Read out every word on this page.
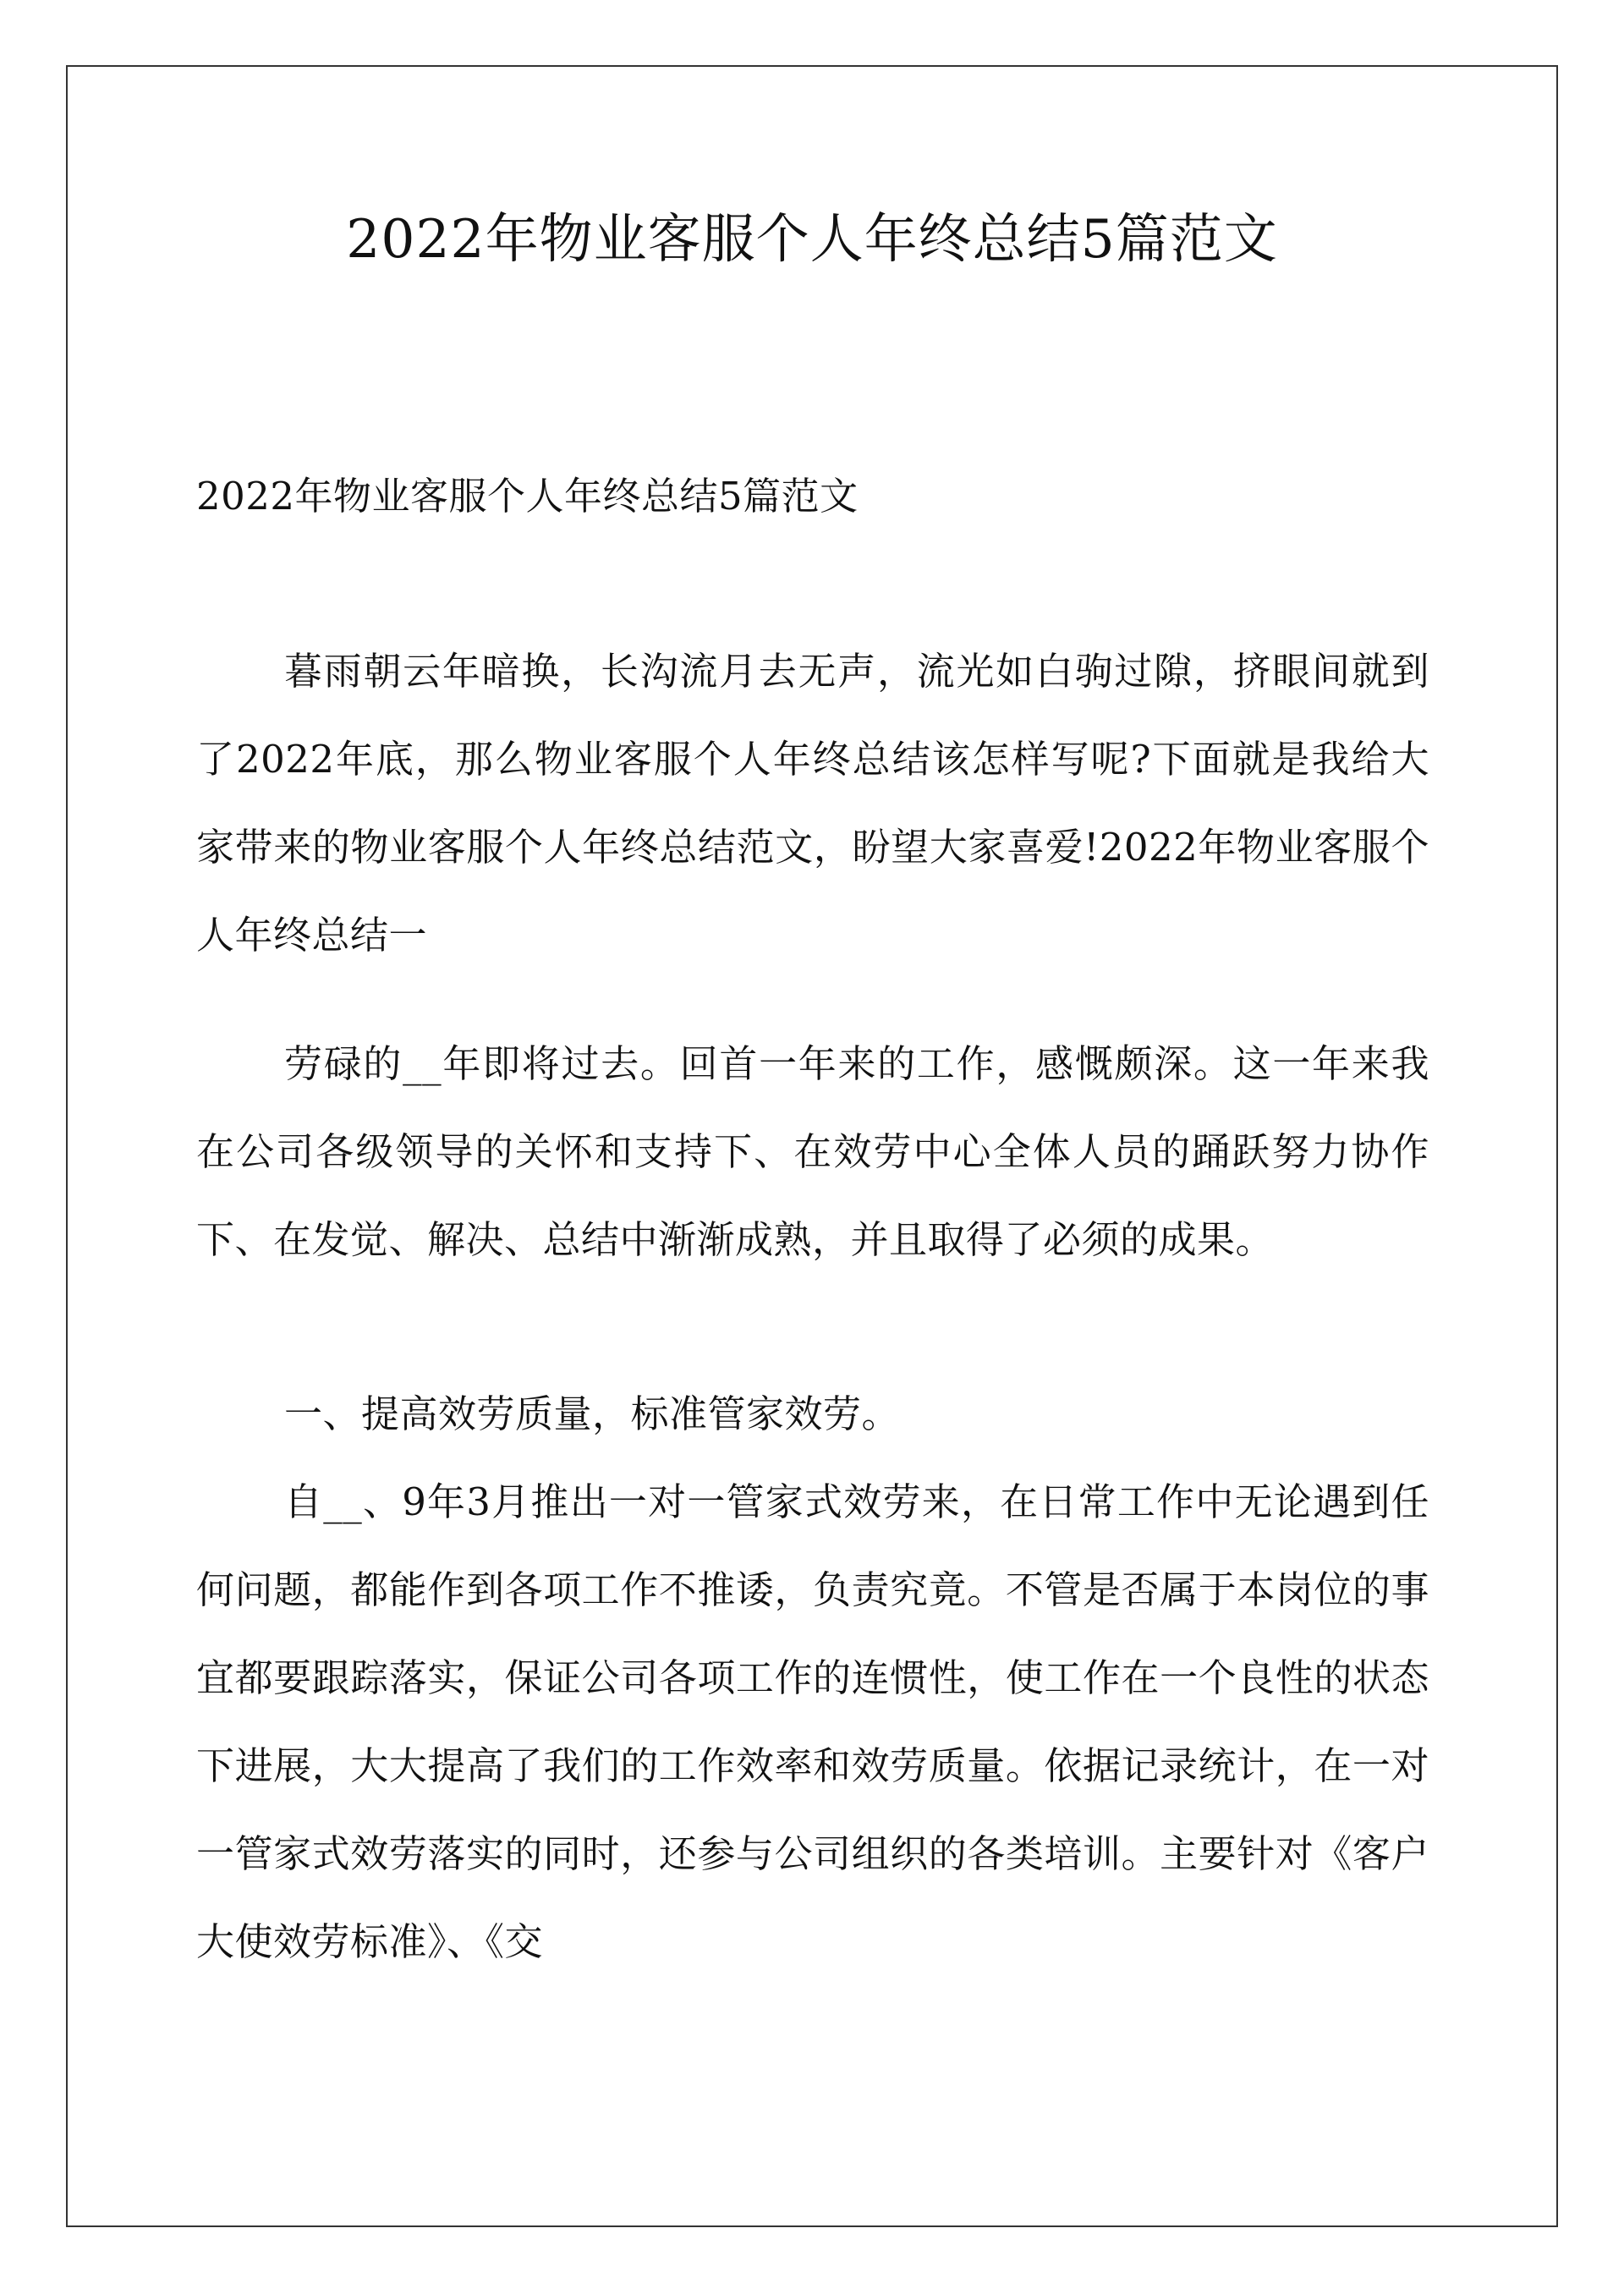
2022年物业客服个人年终总结5篇范文

2022年物业客服个人年终总结5篇范文

暮雨朝云年暗换，长沟流月去无声，流光如白驹过隙，挤眼间就到了2022年底，那么物业客服个人年终总结该怎样写呢?下面就是我给大家带来的物业客服个人年终总结范文，盼望大家喜爱!2022年物业客服个人年终总结一

劳碌的__年即将过去。回首一年来的工作，感慨颇深。这一年来我在公司各级领导的关怀和支持下、在效劳中心全体人员的踊跃努力协作下、在发觉、解决、总结中渐渐成熟，并且取得了必须的成果。

一、提高效劳质量，标准管家效劳。

自__、9年3月推出一对一管家式效劳来，在日常工作中无论遇到任何问题，都能作到各项工作不推诿，负责究竟。不管是否属于本岗位的事宜都要跟踪落实，保证公司各项工作的连惯性，使工作在一个良性的状态下进展，大大提高了我们的工作效率和效劳质量。依据记录统计，在一对一管家式效劳落实的同时，还参与公司组织的各类培训。主要针对《客户大使效劳标准》、《交
